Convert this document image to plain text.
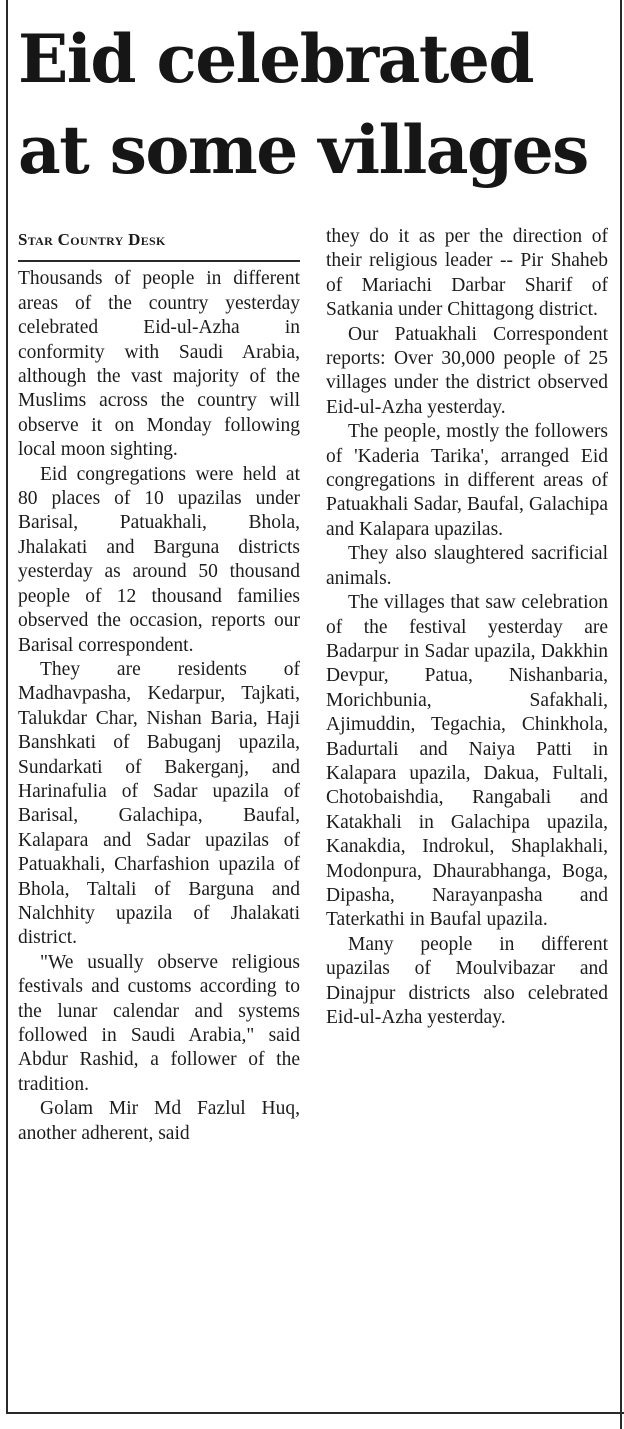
Eid celebrated at some villages
Star Country Desk

Thousands of people in different areas of the country yesterday celebrated Eid-ul-Azha in conformity with Saudi Arabia, although the vast majority of the Muslims across the country will observe it on Monday following local moon sighting.

Eid congregations were held at 80 places of 10 upazilas under Barisal, Patuakhali, Bhola, Jhalakati and Barguna districts yesterday as around 50 thousand people of 12 thousand families observed the occasion, reports our Barisal correspondent.

They are residents of Madhavpasha, Kedarpur, Tajkati, Talukdar Char, Nishan Baria, Haji Banshkati of Babuganj upazila, Sundarkati of Bakerganj, and Harinafulia of Sadar upazila of Barisal, Galachipa, Baufal, Kalapara and Sadar upazilas of Patuakhali, Charfashion upazila of Bhola, Taltali of Barguna and Nalchhity upazila of Jhalakati district.

"We usually observe religious festivals and customs according to the lunar calendar and systems followed in Saudi Arabia," said Abdur Rashid, a follower of the tradition.

Golam Mir Md Fazlul Huq, another adherent, said

they do it as per the direction of their religious leader -- Pir Shaheb of Mariachi Darbar Sharif of Satkania under Chittagong district.

Our Patuakhali Correspondent reports: Over 30,000 people of 25 villages under the district observed Eid-ul-Azha yesterday.

The people, mostly the followers of 'Kaderia Tarika', arranged Eid congregations in different areas of Patuakhali Sadar, Baufal, Galachipa and Kalapara upazilas.

They also slaughtered sacrificial animals.

The villages that saw celebration of the festival yesterday are Badarpur in Sadar upazila, Dakkhin Devpur, Patua, Nishanbaria, Morichbunia, Safakhali, Ajimuddin, Tegachia, Chinkhola, Badurtali and Naiya Patti in Kalapara upazila, Dakua, Fultali, Chotobaishdia, Rangabali and Katakhali in Galachipa upazila, Kanakdia, Indrokul, Shaplakhali, Modonpura, Dhaurabhanga, Boga, Dipasha, Narayanpasha and Taterkathi in Baufal upazila.

Many people in different upazilas of Moulvibazar and Dinajpur districts also celebrated Eid-ul-Azha yesterday.
